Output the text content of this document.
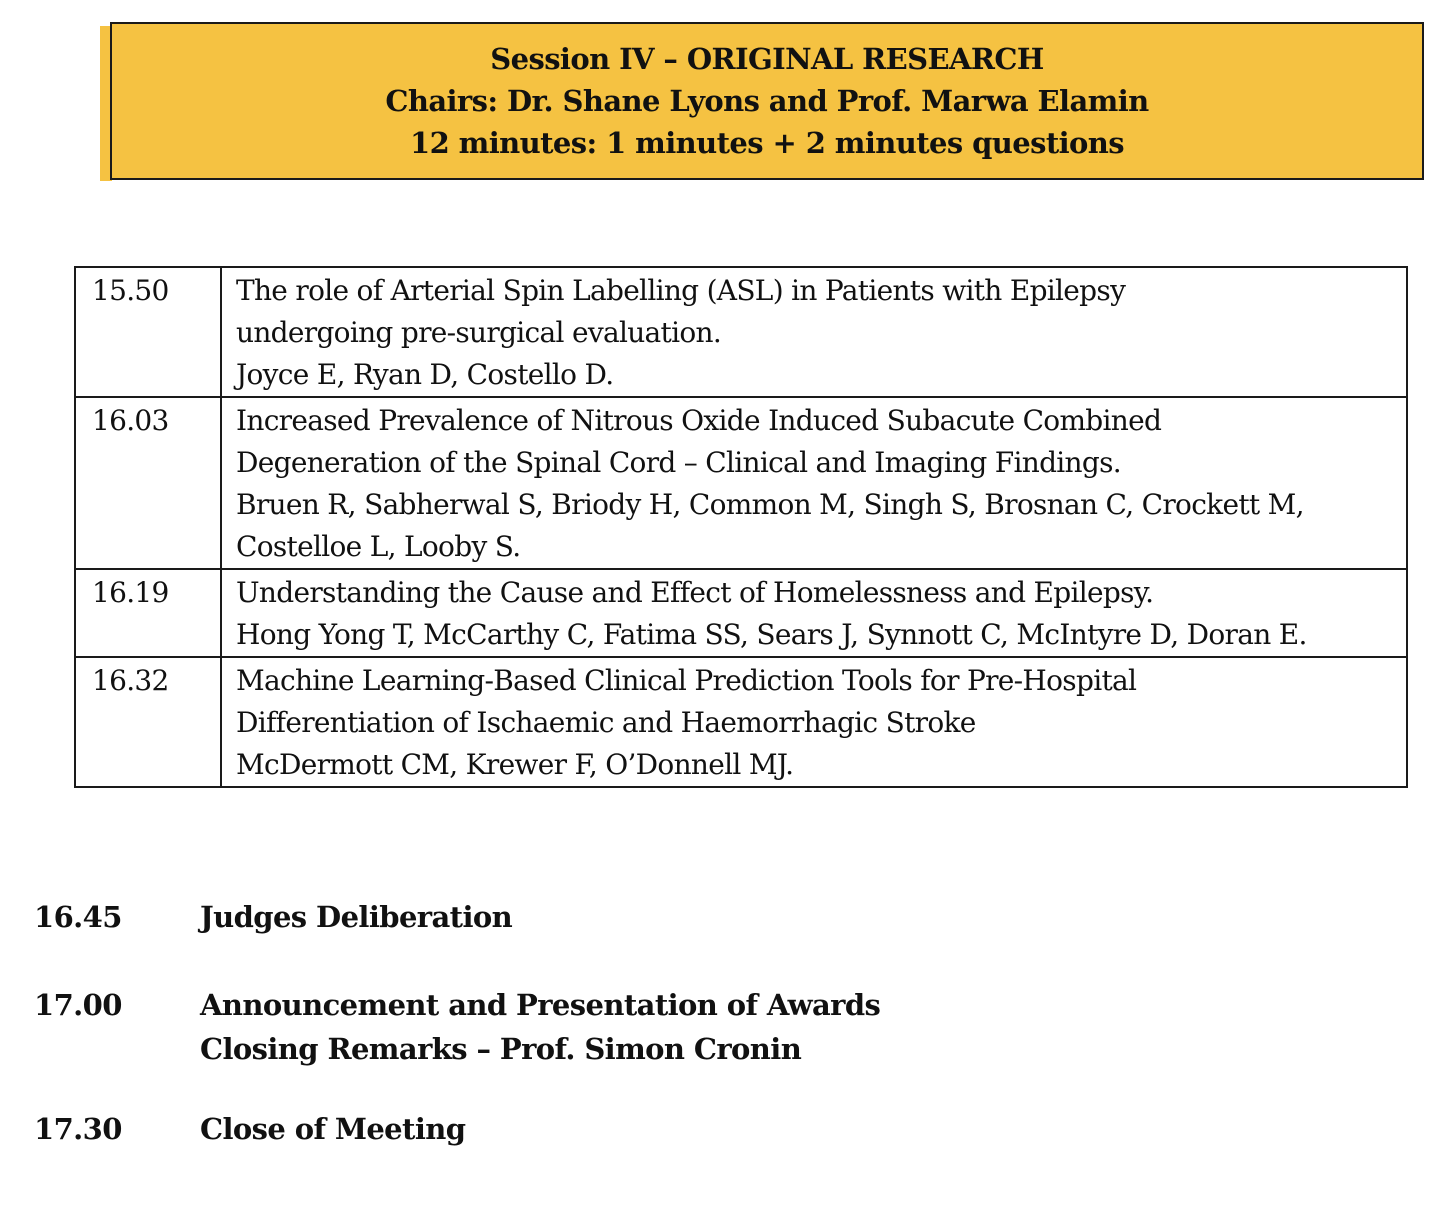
Session IV – ORIGINAL RESEARCH
Chairs: Dr. Shane Lyons and Prof. Marwa Elamin
12 minutes: 1 minutes + 2 minutes questions
15.50	The role of Arterial Spin Labelling (ASL) in Patients with Epilepsy
undergoing pre-surgical evaluation.
Joyce E, Ryan D, Costello D.

16.03	Increased Prevalence of Nitrous Oxide Induced Subacute Combined
Degeneration of the Spinal Cord – Clinical and Imaging Findings.
Bruen R, Sabherwal S, Briody H, Common M, Singh S, Brosnan C, Crockett M,
Costelloe L, Looby S.

16.19	Understanding the Cause and Effect of Homelessness and Epilepsy.
Hong Yong T, McCarthy C, Fatima SS, Sears J, Synnott C, McIntyre D, Doran E.

16.32	Machine Learning-Based Clinical Prediction Tools for Pre-Hospital
Differentiation of Ischaemic and Haemorrhagic Stroke
McDermott CM, Krewer F, O’Donnell MJ.
16.45	Judges Deliberation
17.00	Announcement and Presentation of Awards
Closing Remarks – Prof. Simon Cronin
17.30	Close of Meeting
